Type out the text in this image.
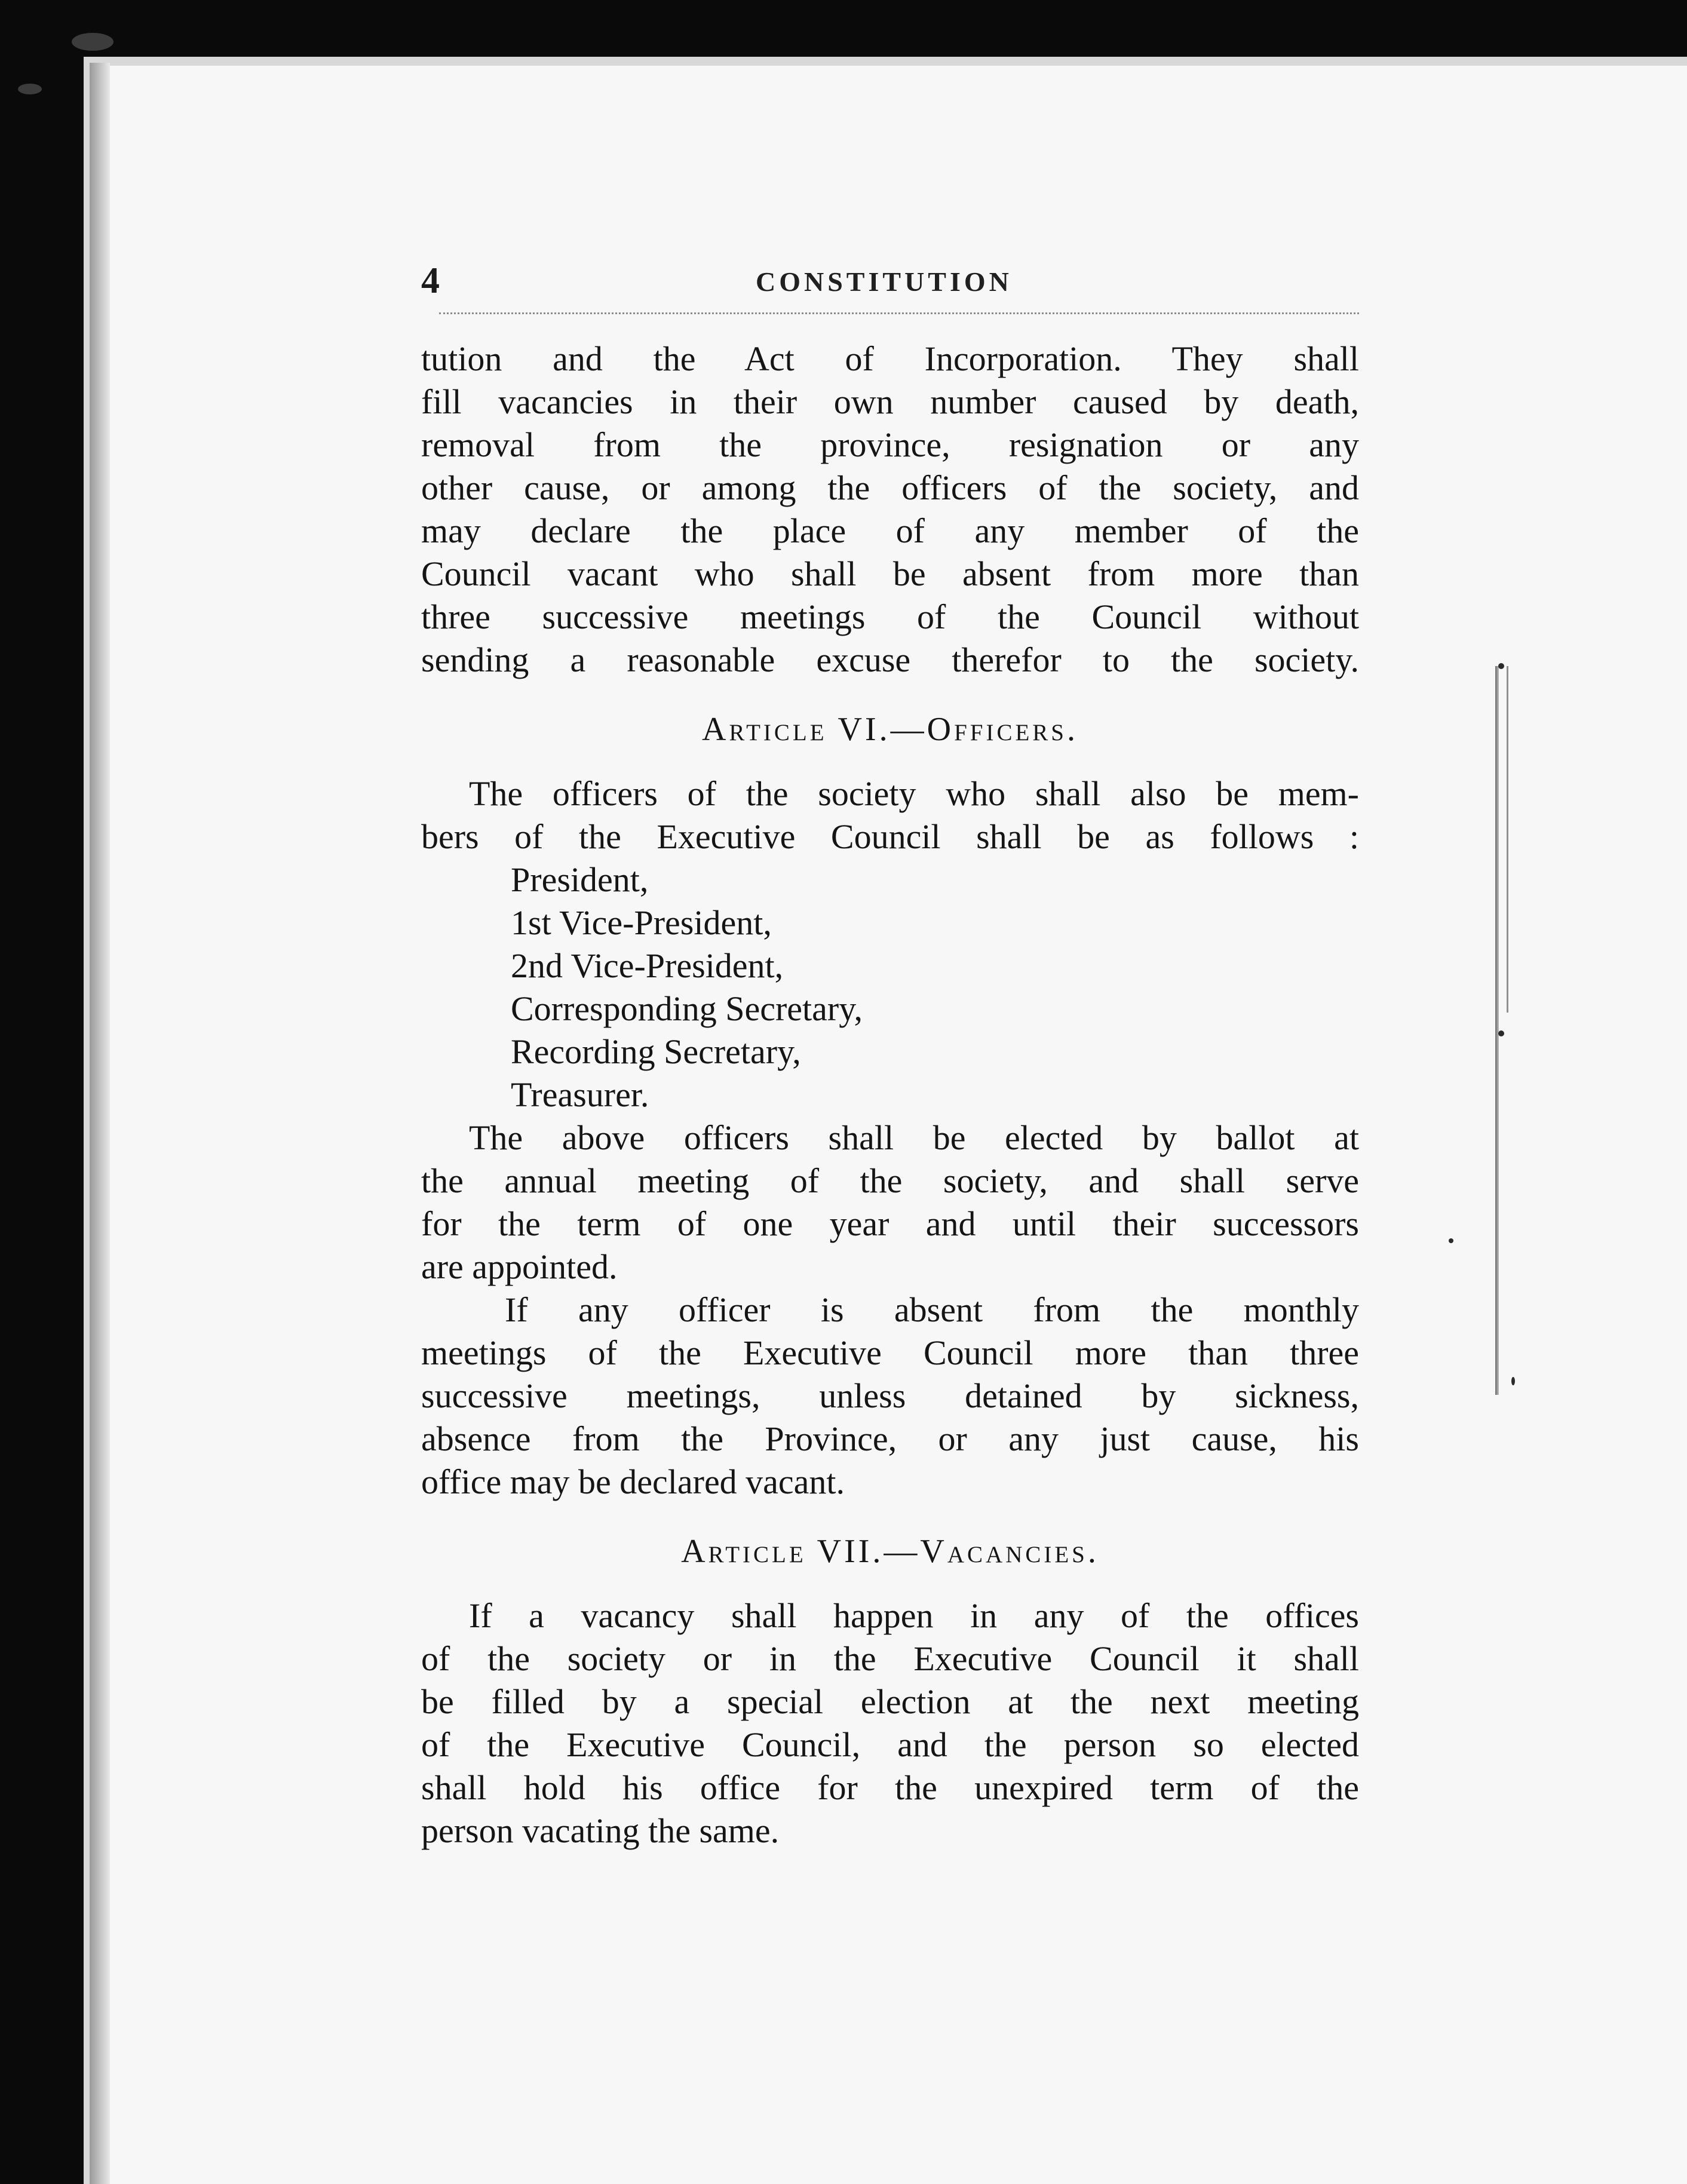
4	CONSTITUTION
tution and the Act of Incorporation. They shall
fill vacancies in their own number caused by death,
removal from the province, resignation or any
other cause, or among the officers of the society, and
may declare the place of any member of the
Council vacant who shall be absent from more than
three successive meetings of the Council without
sending a reasonable excuse therefor to the society.
Article VI.—Officers.
The officers of the society who shall also be mem-
bers of the Executive Council shall be as follows :
President,
1st Vice-President,
2nd Vice-President,
Corresponding Secretary,
Recording Secretary,
Treasurer.
The above officers shall be elected by ballot at
the annual meeting of the society, and shall serve
for the term of one year and until their successors
are appointed.
If any officer is absent from the monthly
meetings of the Executive Council more than three
successive meetings, unless detained by sickness,
absence from the Province, or any just cause, his
office may be declared vacant.
Article VII.—Vacancies.
If a vacancy shall happen in any of the offices
of the society or in the Executive Council it shall
be filled by a special election at the next meeting
of the Executive Council, and the person so elected
shall hold his office for the unexpired term of the
person vacating the same.
